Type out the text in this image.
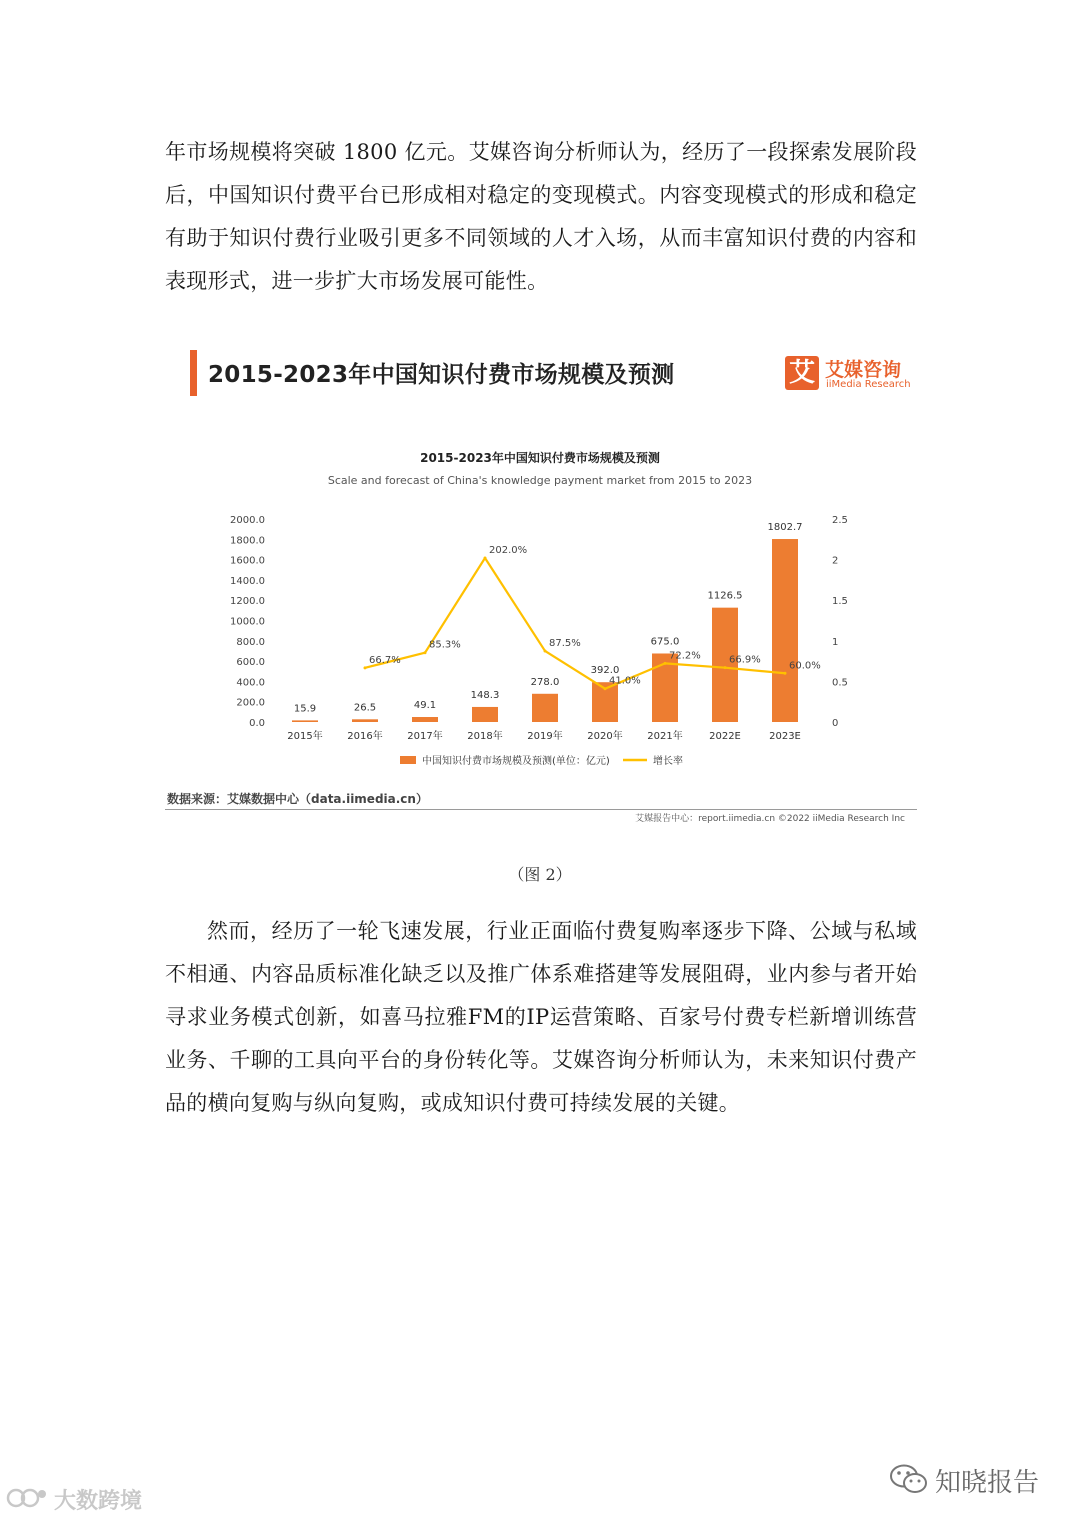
年市场规模将突破 1800 亿元。艾媒咨询分析师认为，经历了一段探索发展阶段后，中国知识付费平台已形成相对稳定的变现模式。内容变现模式的形成和稳定有助于知识付费行业吸引更多不同领域的人才入场，从而丰富知识付费的内容和表现形式，进一步扩大市场发展可能性。

2015-2023年中国知识付费市场规模及预测	艾 艾媒咨询
iiMedia Research
2015-2023年中国知识付费市场规模及预测
Scale and forecast of China's knowledge payment market from 2015 to 2023
0.0
200.0
400.0
600.0
800.0
1000.0
1200.0
1400.0
1600.0
1800.0
2000.0
0
0.5
1
1.5
2
2.5
15.9	26.5	49.1
148.3
278.0
392.0
675.0
1126.5
1802.7
66.7%
85.3%
202.0%
87.5%
41.0%
72.2%	66.9%
60.0%
2015年 2016年 2017年 2018年 2019年 2020年 2021年	2022E	2023E
中国知识付费市场规模及预测(单位：亿元)	增长率
数据来源：艾媒数据中心（data.iimedia.cn）
艾媒报告中心：report.iimedia.cn ©2022 iiMedia Research Inc
（图 2）

然而，经历了一轮飞速发展，行业正面临付费复购率逐步下降、公域与私域不相通、内容品质标准化缺乏以及推广体系难搭建等发展阻碍，业内参与者开始寻求业务模式创新，如喜马拉雅FM的IP运营策略、百家号付费专栏新增训练营业务、千聊的工具向平台的身份转化等。艾媒咨询分析师认为，未来知识付费产品的横向复购与纵向复购，或成知识付费可持续发展的关键。

知晓报告
大数跨境
